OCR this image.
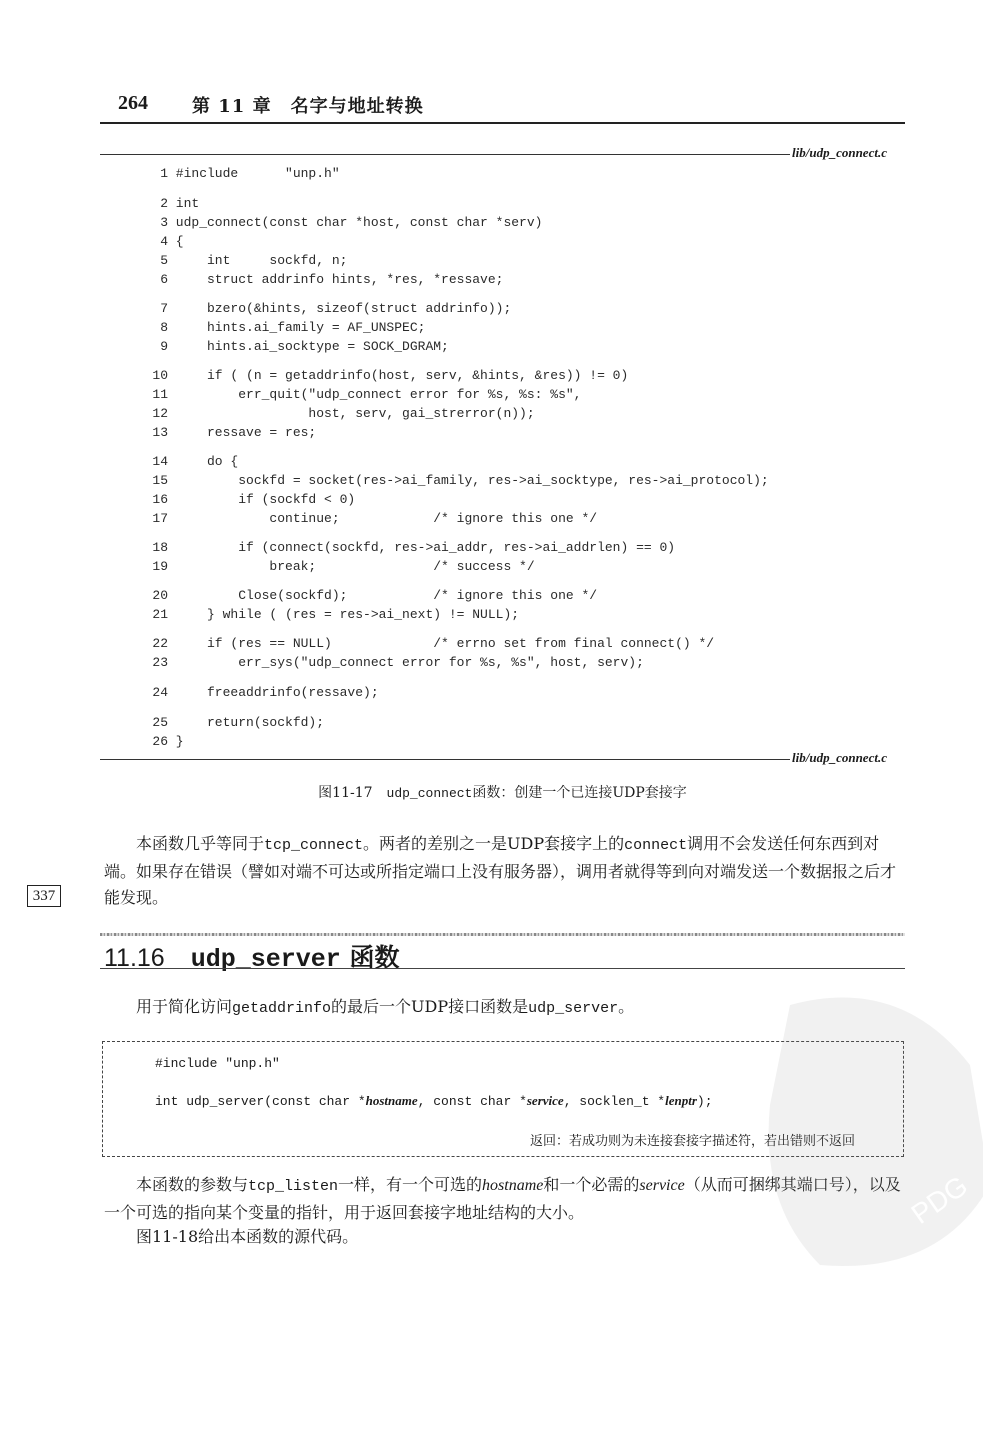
264 第 11 章　名字与地址转换
lib/udp_connect.c
1 #include      "unp.h"
2 int
3 udp_connect(const char *host, const char *serv)
4 {
5     int     sockfd, n;
6     struct addrinfo hints, *res, *ressave;
7     bzero(&hints, sizeof(struct addrinfo));
8     hints.ai_family = AF_UNSPEC;
9     hints.ai_socktype = SOCK_DGRAM;
10     if ( (n = getaddrinfo(host, serv, &hints, &res)) != 0)
11         err_quit("udp_connect error for %s, %s: %s",
12                  host, serv, gai_strerror(n));
13     ressave = res;
14     do {
15         sockfd = socket(res->ai_family, res->ai_socktype, res->ai_protocol);
16         if (sockfd < 0)
17             continue;            /* ignore this one */
18         if (connect(sockfd, res->ai_addr, res->ai_addrlen) == 0)
19             break;               /* success */
20         Close(sockfd);           /* ignore this one */
21     } while ( (res = res->ai_next) != NULL);
22     if (res == NULL)             /* errno set from final connect() */
23         err_sys("udp_connect error for %s, %s", host, serv);
24     freeaddrinfo(ressave);
25     return(sockfd);
26 }
lib/udp_connect.c
图11-17　udp_connect函数：创建一个已连接UDP套接字
本函数几乎等同于tcp_connect。两者的差别之一是UDP套接字上的connect调用不会发送任何东西到对端。如果存在错误（譬如对端不可达或所指定端口上没有服务器），调用者就得等到向对端发送一个数据报之后才能发现。
337
11.16 udp_server 函数
用于简化访问getaddrinfo的最后一个UDP接口函数是udp_server。
#include "unp.h"
int udp_server(const char *hostname, const char *service, socklen_t *lenptr);
返回：若成功则为未连接套接字描述符，若出错则不返回
本函数的参数与tcp_listen一样，有一个可选的hostname和一个必需的service（从而可捆绑其端口号），以及一个可选的指向某个变量的指针，用于返回套接字地址结构的大小。
图11-18给出本函数的源代码。
PDG
